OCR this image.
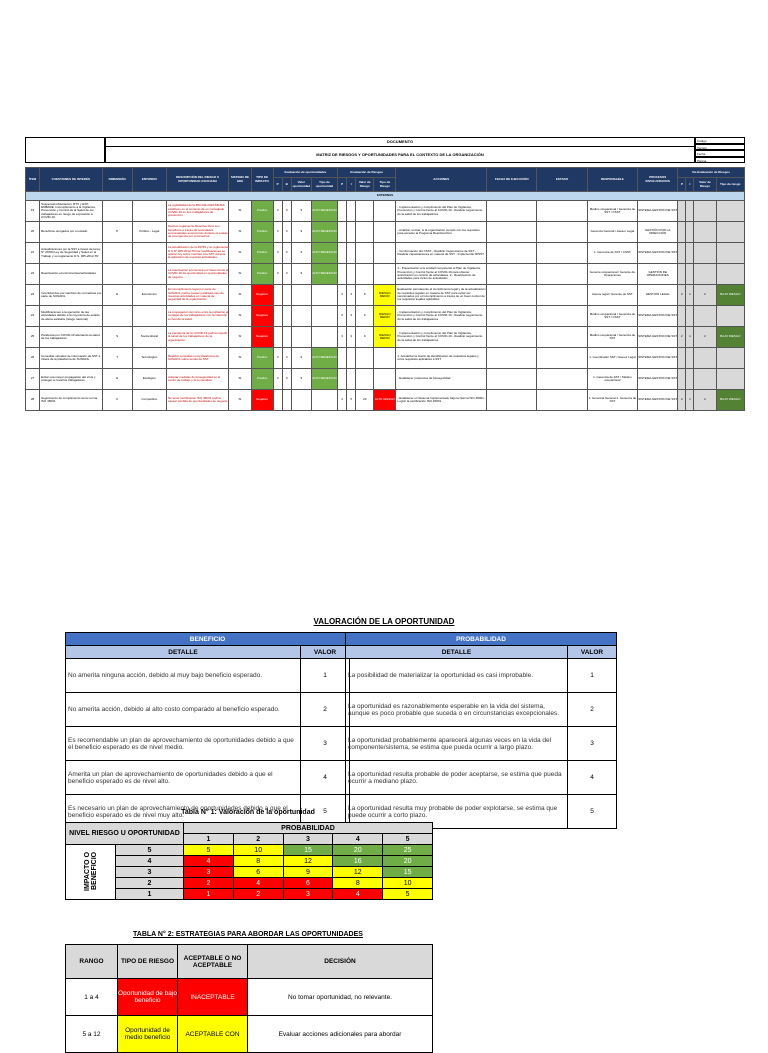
DOCUMENTO
MATRIZ DE RIESGOS Y OPORTUNIDADES PARA EL CONTEXTO DE LA ORGANIZACIÓN
Código
Versión
Fecha
Página
ÍTEM	CUESTIONES DE INTERÉS	DIMENSIÓN	ENTORNO	DESCRIPCIÓN DEL RIESGO U OPORTUNIDAD ASOCIADA	SISTEMA DE GDE	TIPO DE IMPACTO	Evaluación de oportunidades				Evaluación de Riesgos				ACCIONES	FECHA DE EJECUCIÓN	ESTADO	RESPONSABLE	PROCESOS INVOLUCRADOS	Re-Evaluación de Riesgos			
							P	B	Valor oportunidad	Tipo de oportunidad	P	I	Valor de Riesgo	Tipo de Riesgo						P	I	Valor de Riesgo	Tipo de riesgo
EXTERNAS																							
19	Suspensión/Afectación: BTV y EXP-EMBADE. Incumplimiento a la Vigilancia, Prevención y Control de la Salud de los trabajadores en riesgo de exposición a COVID-19			La vigilabilidad de la RM 239-2020-MINSA, establece en el contexto de un contagiado COVID-19 en sus trabajadores de prevención.	SI	Positivo	3	3	9	ALTO BENEFICIO					- Implementación y cumplimiento del Plan de Vigilancia, Prevención y Control frente al COVID-19 - Realizar seguimiento de la salud de los trabajadores			Médico ocupacional / Gerencia de SST / CSST	SISTEMA GESTION DE SST				
20	Beneficios otorgados por el estado	P	Político - Legal	Decreto reglamento Reactiva Perú con beneficios a través de sociedades empresariales económicas durante el estado de emergencia por coronavirus.	SI	Positivo	3	3	9	ALTO BENEFICIO					- Analizar, revisar, si la organización cumple con los requisitos para acceder al Programa Reactiva Perú			Gerencia General / Asesor Legal	GESTIÓN POR LA DIRECCIÓN				
21	Actualizaciones por la SST a través de la ley N° 29783 Ley de Seguridad y Salud en el Trabajo y su reglamento D.S. 005-2012-TR			La actualización de la 29783 y su reglamento D.S N° 005-2012-TR las modificaciones se aplican ley sobre contrato a la SST durante la aplicación de nuestras actividades.	SI	Positivo	3	3	9	ALTO BENEFICIO					- Conformación del CSST - Realizar inspecciones de SST - Realizar capacitaciones en materia de SST - Implementar RISST			1. Gerencia de SST / CSST	SISTEMA GESTION DE SST				
22	Reactivación económica fase/actividades			La reactivación económica por fases frente al COVID-19 da oportunidad en oportunidades de negocio.	SI	Positivo	3	3	9	ALTO BENEFICIO					1.- Presentación a la entidad competente el Plan de Vigilancia, Prevención y Control frente al COVID-19 para obtener autorización en reinicio de actividades. 2.- Reactivación de actividades para ciclos de actividades			Gerente ocupacional / Gerente de Operaciones	GESTIÓN DE OPERACIONES				
23	Incertidumbre por cambios de normativas por parte de SUNAFIL	E	Económico	El incumplimiento legal por parte de SUNAFIL podría causar paralizaciones de nuestras actividades en materia de seguridad de la organización.	SI	Negativo					3	3	9	RIESGO MEDIO	Evaluación permanente el cumplimiento legal y de la actualización de requisitos legales en materia de SST para evitar ser sancionados por el incumplimiento a través de un buen control de los requisitos legales aplicables			Asesor legal / Gerente de SST	GESTION LEGAL	2	1	2	BAJO RIESGO
24	Modificaciones a la ejecución de las actividades debido a la coyuntura de estado de alerta sanitaria (riesgo nacional)			La propagación del virus entre la población al contagio de los trabajadores con la infección a nivel de la salud.	SI	Negativo					3	3	9	RIESGO MEDIO	- Implementación y cumplimiento del Plan de Vigilancia, Prevención y Control frente al COVID-19 - Realizar seguimiento de la salud de los trabajadores			Médico ocupacional / Gerencia de SST / CSST	SISTEMA GESTION DE SST				
25	Pandemia por COVID-19 afectando la salud de los trabajadores	S	Sociocultural	La pandemia de la COVID-19 podría impedir la salud de los trabajadores de la organización.	SI	Negativo					3	3	9	RIESGO MEDIO	- Implementación y cumplimiento del Plan de Vigilancia, Prevención y Control frente al COVID-19 - Realizar seguimiento de la salud de los trabajadores			Médico ocupacional / Gerencia de SST	SISTEMA GESTION DE SST	2	1	2	BAJO RIESGO
26	Consultas virtuales de información de SST a través de la plataforma de SUNAFIL	T	Tecnológico	Realizar consultas en la plataforma de SUNAFIL sobre temas de SST.	SI	Positivo	3	3	9	ALTO BENEFICIO					1. Actualizar la matriz de identificación de requisitos legales y otros requisitos aplicables a SST			1. Coordinador SST / Asesor Legal	SISTEMA GESTION DE SST				
27	Evitar una mayor propagación del virus y proteger a nuestros trabajadores	E	Ecológico	Adoptar medidas de bioseguridad en el centro de trabajo y la comunidad.	SI	Positivo	3	3	9	ALTO BENEFICIO					- Establecer protocolos de bioseguridad			1. Gerencia de SST / Médico ocupacional	SISTEMA GESTION DE SST				
28	Seguimiento de cumplimiento de la norma ISO 45001	C	Competitivo	No tener certificación ISO 45001 podría causar pérdida de oportunidades de negocio.	SI	Negativo					4	5	20	ALTO RIESGO	- Establecer un Sistema Implementado bajo la Norma ISO 45001 - Lograr la certificación ISO 45001			1. Gerencia General 2. Gerencia de SST	SISTEMA GESTION DE SST	2	1	2	BAJO RIESGO
VALORACIÓN DE LA OPORTUNIDAD
BENEFICIO	
DETALLE	VALOR
No amerita ninguna acción, debido al muy bajo beneficio esperado.	1
No amerita acción, debido al alto costo comparado al beneficio esperado.	2
Es recomendable un plan de aprovechamiento de oportunidades debido a que el beneficio esperado es de nivel medio.	3
Amerita un plan de aprovechamiento de oportunidades debido a que el beneficio esperado es de nivel alto.	4
Es necesario un plan de aprovechamiento de oportunidades debido a que el beneficio esperado es de nivel muy alto.	5
PROBABILIDAD	
DETALLE	VALOR
La posibilidad de materializar la oportunidad es casi improbable.	1
La oportunidad es razonablemente esperable en la vida del sistema, aunque es poco probable que suceda o en circunstancias excepcionales.	2
La oportunidad probablemente aparecerá algunas veces en la vida del componente/sistema, se estima que pueda ocurrir a largo plazo.	3
La oportunidad resulta probable de poder aceptarse, se estima que pueda ocurrir a mediano plazo.	4
La oportunidad resulta muy probable de poder explotarse, se estima que puede ocurrir a corto plazo.	5
Tabla N° 1: Valoración de la oportunidad
NIVEL RIESGO U OPORTUNIDAD		PROBABILIDAD				
		1	2	3	4	5
IMPACTO O BENEFICIO	5	5	10	15	20	25
	4	4	8	12	16	20
	3	3	6	9	12	15
	2	2	4	6	8	10
	1	1	2	3	4	5
TABLA N° 2: ESTRATEGIAS PARA ABORDAR LAS OPORTUNIDADES
RANGO	TIPO DE RIESGO	ACEPTABLE O NO ACEPTABLE	DECISIÓN
1 a 4	Oportunidad de bajo beneficio	INACEPTABLE	No tomar oportunidad, no relevante.
5 a 12	Oportunidad de medio beneficio	ACEPTABLE CON	Evaluar acciones adicionales para abordar
